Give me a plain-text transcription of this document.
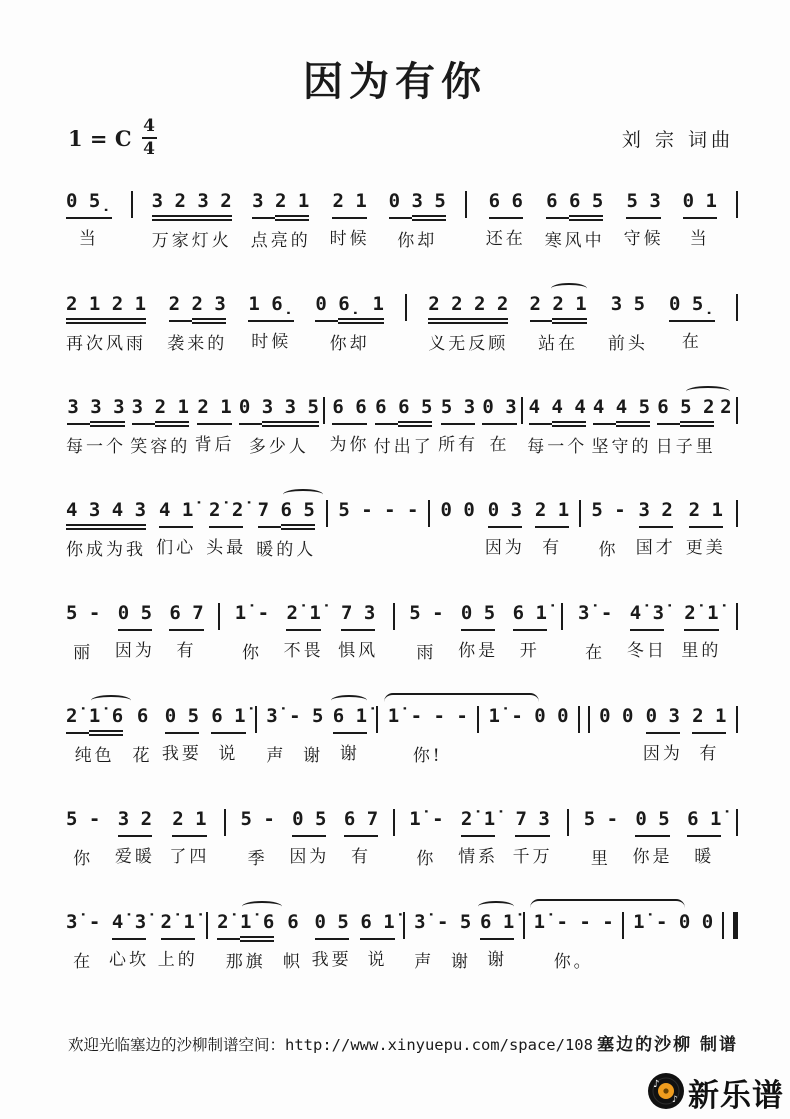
因为有你
1 = C $\frac{4}{4}$	刘 宗 词曲
0 5̣
当
3 2 3 2
万家灯火
3 2 1
点亮的
2 1
时候
0 3 5
你却
6 6
还在
6 6 5
寒风中
5 3
守候
0 1
当
2 1 2 1
再次风雨
2 2 3
袭来的
1 6̣
时候
0 6̣ 1
你却
2 2 2 2
义无反顾
2 2 1
站在
3 5
前头
0 5̣
在
3 3 3
每一个
3 2 1
笑容的
2 1
背后
0 3 3 5
多少人
6 6
为你
6 6 5
付出了
5 3
所有
0 3
在
4 4 4
每一个
4 4 5
坚守的
6 5 2
日子里
2
4 3 4 3
你成为我
4 1̇
们心
2̇ 2̇
头最
7 6 5
暖的人
5 - - - 0 0 0 3
因为
2 1
有
5 -
你
3 2
国才
2 1
更美
5 -
丽
0 5
因为
6 7
有
1̇ -
你
2̇ 1̇
不畏
7 3
惧风
5 -
雨
0 5
你是
6 1̇
开
3̇ -
在
4̇ 3̇
冬日
2̇ 1̇
里的
2̇ 1̇ 6
纯色
6
花
0 5
我要
6 1̇
说
3̇ - 5
声  谢
6 1̇
谢
1̇ - - -
你!
1̇ - 0 0 0 0 0 3
因为
2 1
有
5 -
你
3 2
爱暖
2 1
了四
5 -
季
0 5
因为
6 7
有
1̇ -
你
2̇ 1̇
情系
7 3
千万
5 -
里
0 5
你是
6 1̇
暖
3̇ -
在
4̇ 3̇
心坎
2̇ 1̇
上的
2̇ 1̇ 6
那旗
6
帜
0 5
我要
6 1̇
说
3̇ - 5
声  谢
6 1̇
谢
1̇ - - -
你。
1̇ - 0 0
欢迎光临塞边的沙柳制谱空间：http://www.xinyuepu.com/space/108 塞边的沙柳 制谱
♪
♪ 新乐谱
